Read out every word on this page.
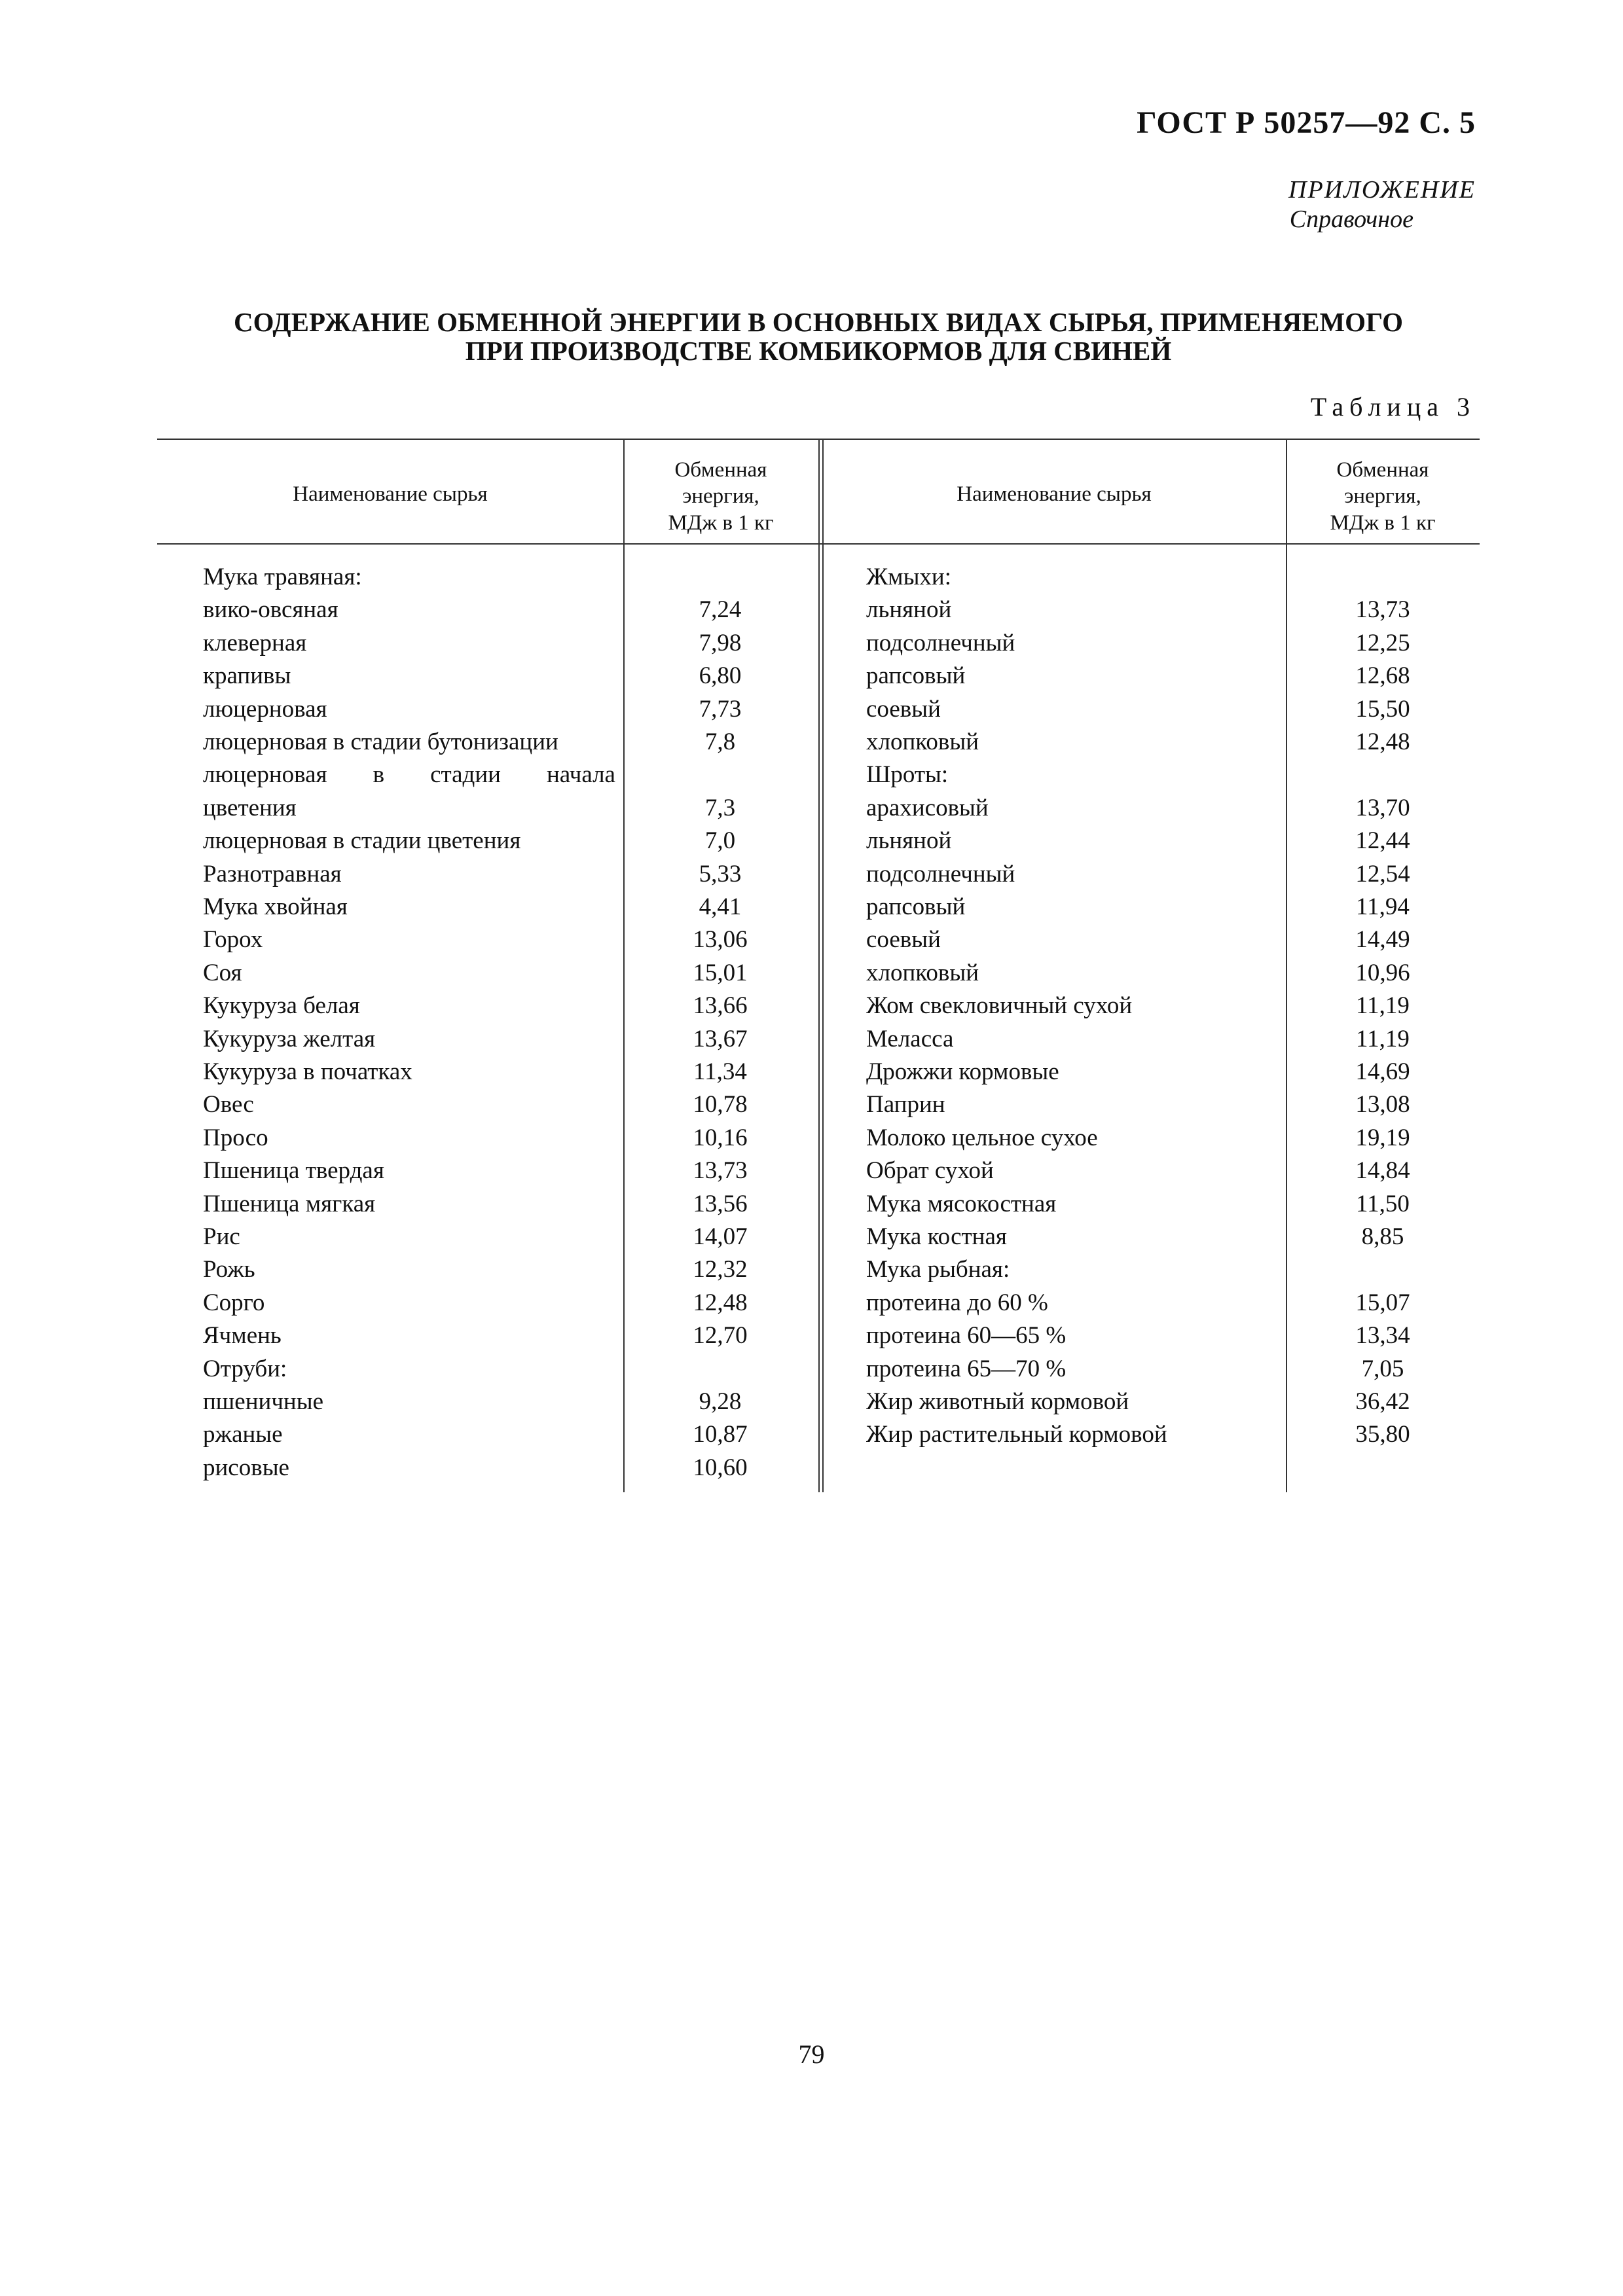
ГОСТ Р 50257—92 С. 5
ПРИЛОЖЕНИЕ
Справочное
СОДЕРЖАНИЕ ОБМЕННОЙ ЭНЕРГИИ В ОСНОВНЫХ ВИДАХ СЫРЬЯ, ПРИМЕНЯЕМОГО
ПРИ ПРОИЗВОДСТВЕ КОМБИКОРМОВ ДЛЯ СВИНЕЙ
Таблица 3
Наименование сырья
Обменная
энергия,
МДж в 1 кг
Наименование сырья
Обменная
энергия,
МДж в 1 кг
Мука травяная:
вико-овсяная	7,24
клеверная	7,98
крапивы	6,80
люцерновая	7,73
люцерновая в стадии бутонизации	7,8
люцерновая в стадии начала
цветения	7,3
люцерновая в стадии цветения	7,0
Разнотравная	5,33
Мука хвойная	4,41
Горох	13,06
Соя	15,01
Кукуруза белая	13,66
Кукуруза желтая	13,67
Кукуруза в початках	11,34
Овес	10,78
Просо	10,16
Пшеница твердая	13,73
Пшеница мягкая	13,56
Рис	14,07
Рожь	12,32
Сорго	12,48
Ячмень	12,70
Отруби:
пшеничные	9,28
ржаные	10,87
рисовые	10,60
Жмыхи:
льняной	13,73
подсолнечный	12,25
рапсовый	12,68
соевый	15,50
хлопковый	12,48
Шроты:
арахисовый	13,70
льняной	12,44
подсолнечный	12,54
рапсовый	11,94
соевый	14,49
хлопковый	10,96
Жом свекловичный сухой	11,19
Меласса	11,19
Дрожжи кормовые	14,69
Паприн	13,08
Молоко цельное сухое	19,19
Обрат сухой	14,84
Мука мясокостная	11,50
Мука костная	8,85
Мука рыбная:
протеина до 60 %	15,07
протеина 60—65 %	13,34
протеина 65—70 %	7,05
Жир животный кормовой	36,42
Жир растительный кормовой	35,80
79
